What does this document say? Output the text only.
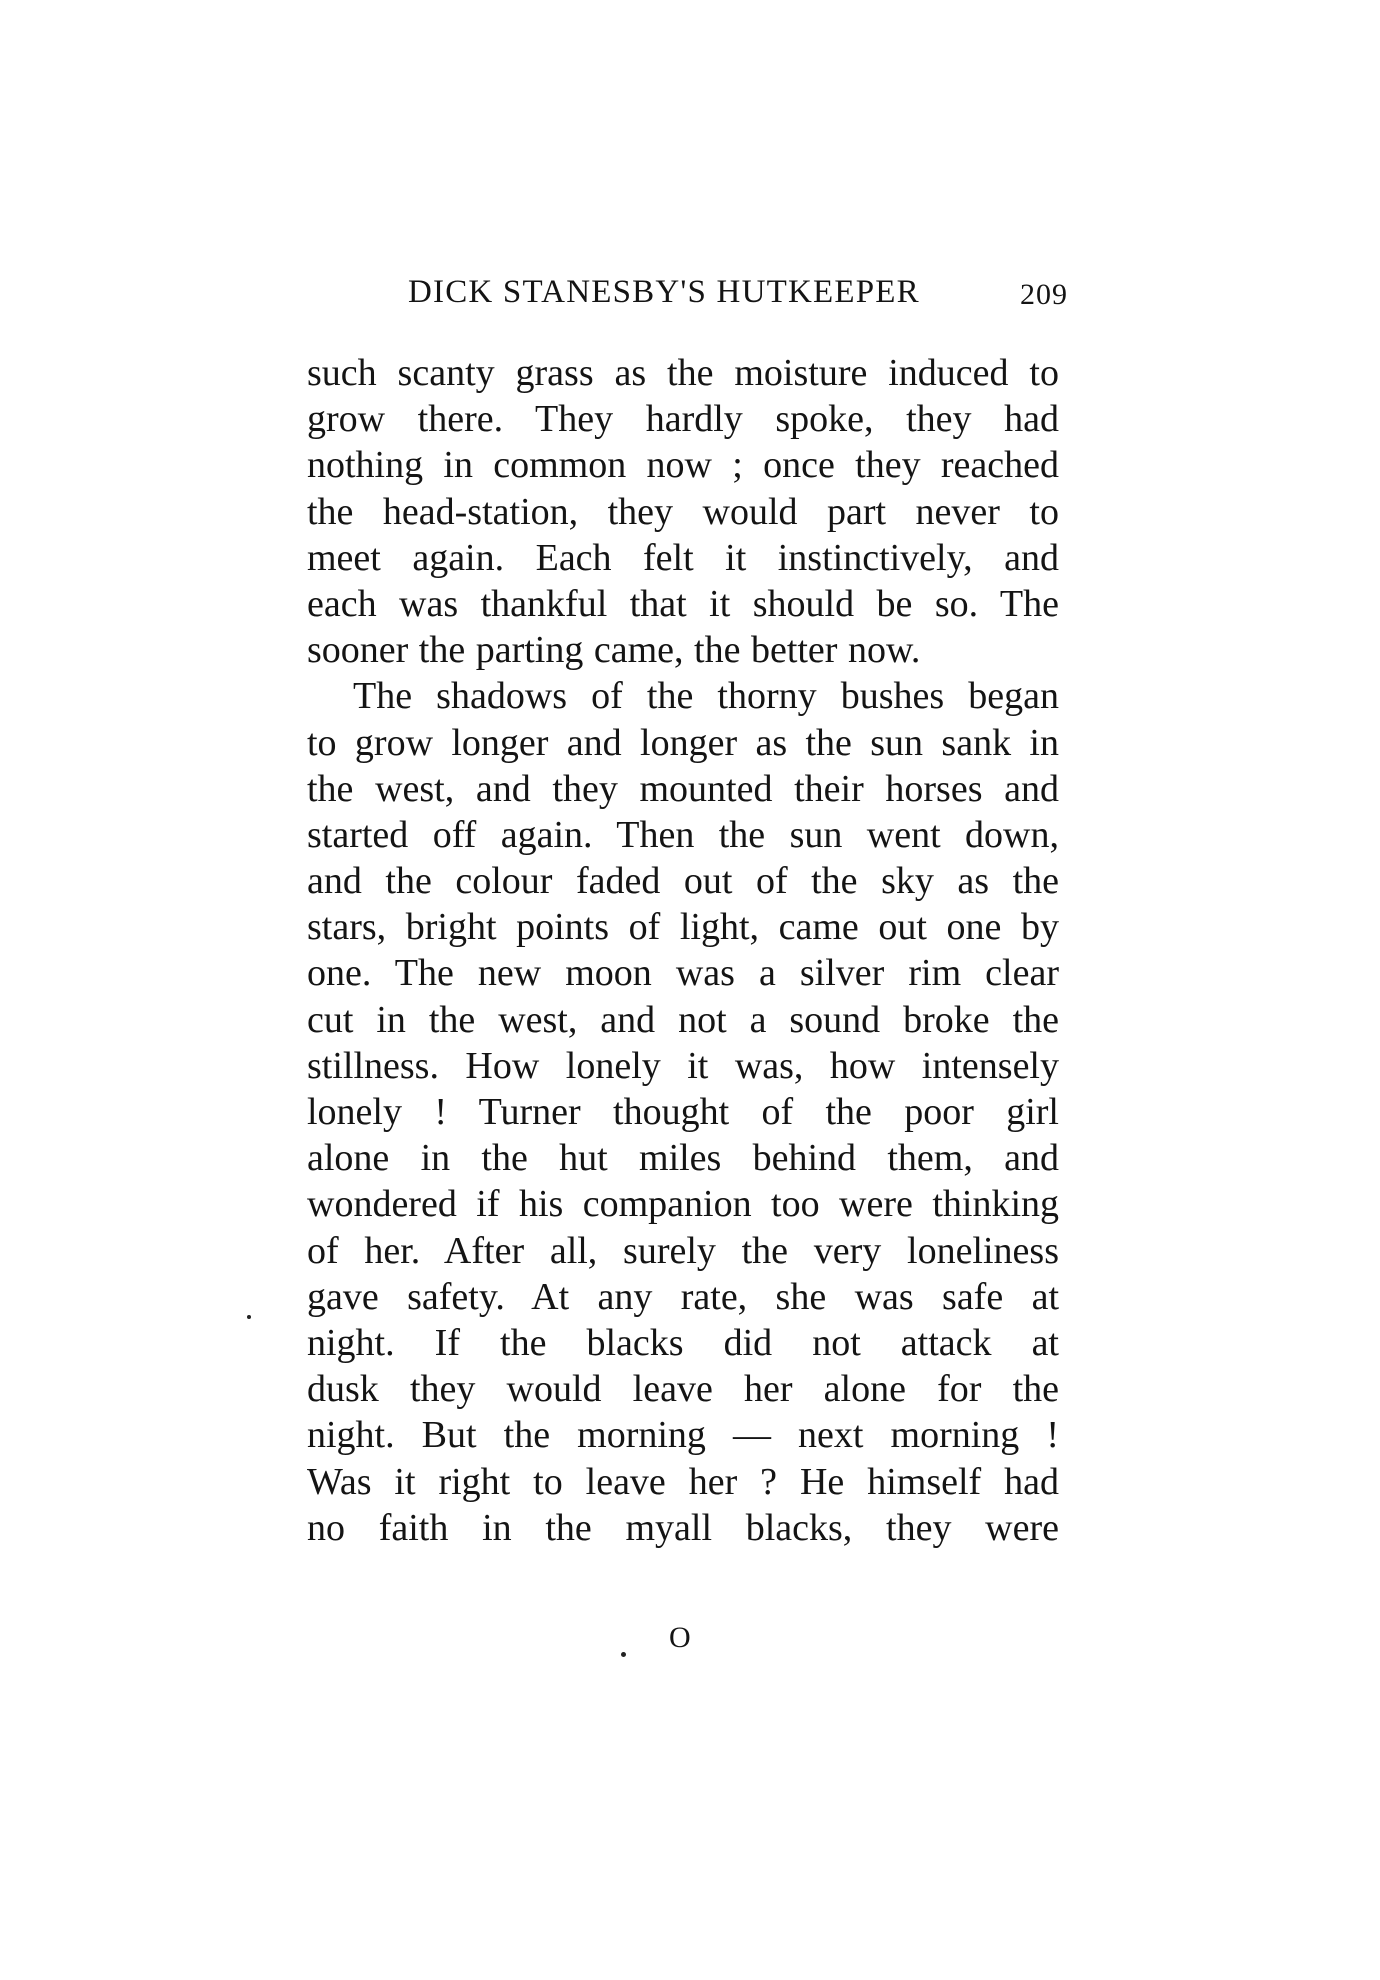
DICK STANESBY'S HUTKEEPER	209
such scanty grass as the moisture induced to
grow there. They hardly spoke, they had
nothing in common now ; once they reached
the head-station, they would part never to
meet again. Each felt it instinctively, and
each was thankful that it should be so. The
sooner the parting came, the better now.
The shadows of the thorny bushes began
to grow longer and longer as the sun sank in
the west, and they mounted their horses and
started off again. Then the sun went down,
and the colour faded out of the sky as the
stars, bright points of light, came out one by
one. The new moon was a silver rim clear
cut in the west, and not a sound broke the
stillness. How lonely it was, how intensely
lonely ! Turner thought of the poor girl
alone in the hut miles behind them, and
wondered if his companion too were thinking
of her. After all, surely the very loneliness
gave safety. At any rate, she was safe at
night. If the blacks did not attack at
dusk they would leave her alone for the
night. But the morning — next morning !
Was it right to leave her ? He himself had
no faith in the myall blacks, they were
O
